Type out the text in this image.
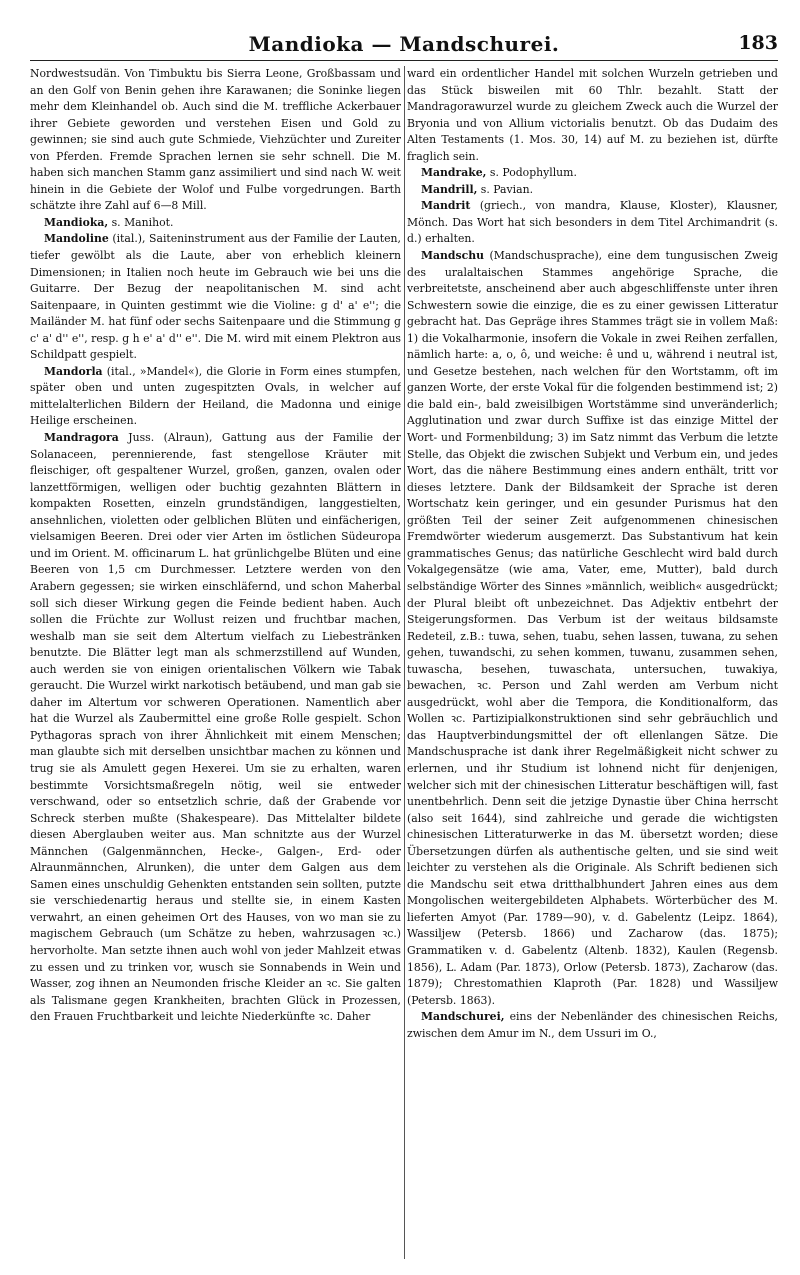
Mandioka — Mandschurei.	183

Nordwestsudän. Von Timbuktu bis Sierra Leone, Großbassam und an den Golf von Benin gehen ihre Karawanen; die Soninke liegen mehr dem Kleinhandel ob. Auch sind die M. treffliche Ackerbauer ihrer Gebiete geworden und verstehen Eisen und Gold zu gewinnen; sie sind auch gute Schmiede, Viehzüchter und Zureiter von Pferden. Fremde Sprachen lernen sie sehr schnell. Die M. haben sich manchen Stamm ganz assimiliert und sind nach W. weit hinein in die Gebiete der Wolof und Fulbe vorgedrungen. Barth schätzte ihre Zahl auf 6—8 Mill.

Mandioka, s. Manihot.

Mandoline (ital.), Saiteninstrument aus der Familie der Lauten, tiefer gewölbt als die Laute, aber von erheblich kleinern Dimensionen; in Italien noch heute im Gebrauch wie bei uns die Guitarre. Der Bezug der neapolitanischen M. sind acht Saitenpaare, in Quinten gestimmt wie die Violine: g d' a' e''; die Mailänder M. hat fünf oder sechs Saitenpaare und die Stimmung g c' a' d'' e'', resp. g h e' a' d'' e''. Die M. wird mit einem Plektron aus Schildpatt gespielt.

Mandorla (ital., »Mandel«), die Glorie in Form eines stumpfen, später oben und unten zugespitzten Ovals, in welcher auf mittelalterlichen Bildern der Heiland, die Madonna und einige Heilige erscheinen.

Mandragora Juss. (Alraun), Gattung aus der Familie der Solanaceen, perennierende, fast stengellose Kräuter mit fleischiger, oft gespaltener Wurzel, großen, ganzen, ovalen oder lanzettförmigen, welligen oder buchtig gezahnten Blättern in kompakten Rosetten, einzeln grundständigen, langgestielten, ansehnlichen, violetten oder gelblichen Blüten und einfächerigen, vielsamigen Beeren. Drei oder vier Arten im östlichen Südeuropa und im Orient. M. officinarum L. hat grünlichgelbe Blüten und eine Beeren von 1,5 cm Durchmesser. Letztere werden von den Arabern gegessen; sie wirken einschläfernd, und schon Maherbal soll sich dieser Wirkung gegen die Feinde bedient haben. Auch sollen die Früchte zur Wollust reizen und fruchtbar machen, weshalb man sie seit dem Altertum vielfach zu Liebestränken benutzte. Die Blätter legt man als schmerzstillend auf Wunden, auch werden sie von einigen orientalischen Völkern wie Tabak geraucht. Die Wurzel wirkt narkotisch betäubend, und man gab sie daher im Altertum vor schweren Operationen. Namentlich aber hat die Wurzel als Zaubermittel eine große Rolle gespielt. Schon Pythagoras sprach von ihrer Ähnlichkeit mit einem Menschen; man glaubte sich mit derselben unsichtbar machen zu können und trug sie als Amulett gegen Hexerei. Um sie zu erhalten, waren bestimmte Vorsichtsmaßregeln nötig, weil sie entweder verschwand, oder so entsetzlich schrie, daß der Grabende vor Schreck sterben mußte (Shakespeare). Das Mittelalter bildete diesen Aberglauben weiter aus. Man schnitzte aus der Wurzel Männchen (Galgenmännchen, Hecke-, Galgen-, Erd- oder Alraunmännchen, Alrunken), die unter dem Galgen aus dem Samen eines unschuldig Gehenkten entstanden sein sollten, putzte sie verschiedenartig heraus und stellte sie, in einem Kasten verwahrt, an einen geheimen Ort des Hauses, von wo man sie zu magischem Gebrauch (um Schätze zu heben, wahrzusagen ꝛc.) hervorholte. Man setzte ihnen auch wohl von jeder Mahlzeit etwas zu essen und zu trinken vor, wusch sie Sonnabends in Wein und Wasser, zog ihnen an Neumonden frische Kleider an ꝛc. Sie galten als Talismane gegen Krankheiten, brachten Glück in Prozessen, den Frauen Fruchtbarkeit und leichte Niederkünfte ꝛc. Daher

ward ein ordentlicher Handel mit solchen Wurzeln getrieben und das Stück bisweilen mit 60 Thlr. bezahlt. Statt der Mandragorawurzel wurde zu gleichem Zweck auch die Wurzel der Bryonia und von Allium victorialis benutzt. Ob das Dudaim des Alten Testaments (1. Mos. 30, 14) auf M. zu beziehen ist, dürfte fraglich sein.

Mandrake, s. Podophyllum.

Mandrill, s. Pavian.

Mandrit (griech., von mandra, Klause, Kloster), Klausner, Mönch. Das Wort hat sich besonders in dem Titel Archimandrit (s. d.) erhalten.

Mandschu (Mandschusprache), eine dem tungusischen Zweig des uralaltaischen Stammes angehörige Sprache, die verbreitetste, anscheinend aber auch abgeschliffenste unter ihren Schwestern sowie die einzige, die es zu einer gewissen Litteratur gebracht hat. Das Gepräge ihres Stammes trägt sie in vollem Maß: 1) die Vokalharmonie, insofern die Vokale in zwei Reihen zerfallen, nämlich harte: a, o, ô, und weiche: ê und u, während i neutral ist, und Gesetze bestehen, nach welchen für den Wortstamm, oft im ganzen Worte, der erste Vokal für die folgenden bestimmend ist; 2) die bald ein-, bald zweisilbigen Wortstämme sind unveränderlich; Agglutination und zwar durch Suffixe ist das einzige Mittel der Wort- und Formenbildung; 3) im Satz nimmt das Verbum die letzte Stelle, das Objekt die zwischen Subjekt und Verbum ein, und jedes Wort, das die nähere Bestimmung eines andern enthält, tritt vor dieses letztere. Dank der Bildsamkeit der Sprache ist deren Wortschatz kein geringer, und ein gesunder Purismus hat den größten Teil der seiner Zeit aufgenommenen chinesischen Fremdwörter wiederum ausgemerzt. Das Substantivum hat kein grammatisches Genus; das natürliche Geschlecht wird bald durch Vokalgegensätze (wie ama, Vater, eme, Mutter), bald durch selbständige Wörter des Sinnes »männlich, weiblich« ausgedrückt; der Plural bleibt oft unbezeichnet. Das Adjektiv entbehrt der Steigerungsformen. Das Verbum ist der weitaus bildsamste Redeteil, z.B.: tuwa, sehen, tuabu, sehen lassen, tuwana, zu sehen gehen, tuwandschi, zu sehen kommen, tuwanu, zusammen sehen, tuwascha, besehen, tuwaschata, untersuchen, tuwakiya, bewachen, ꝛc. Person und Zahl werden am Verbum nicht ausgedrückt, wohl aber die Tempora, die Konditionalform, das Wollen ꝛc. Partizipialkonstruktionen sind sehr gebräuchlich und das Hauptverbindungsmittel der oft ellenlangen Sätze. Die Mandschusprache ist dank ihrer Regelmäßigkeit nicht schwer zu erlernen, und ihr Studium ist lohnend nicht für denjenigen, welcher sich mit der chinesischen Litteratur beschäftigen will, fast unentbehrlich. Denn seit die jetzige Dynastie über China herrscht (also seit 1644), sind zahlreiche und gerade die wichtigsten chinesischen Litteraturwerke in das M. übersetzt worden; diese Übersetzungen dürfen als authentische gelten, und sie sind weit leichter zu verstehen als die Originale. Als Schrift bedienen sich die Mandschu seit etwa dritthalbhundert Jahren eines aus dem Mongolischen weitergebildeten Alphabets. Wörterbücher des M. lieferten Amyot (Par. 1789—90), v. d. Gabelentz (Leipz. 1864), Wassiljew (Petersb. 1866) und Zacharow (das. 1875); Grammatiken v. d. Gabelentz (Altenb. 1832), Kaulen (Regensb. 1856), L. Adam (Par. 1873), Orlow (Petersb. 1873), Zacharow (das. 1879); Chrestomathien Klaproth (Par. 1828) und Wassiljew (Petersb. 1863).

Mandschurei, eins der Nebenländer des chinesischen Reichs, zwischen dem Amur im N., dem Ussuri im O.,
